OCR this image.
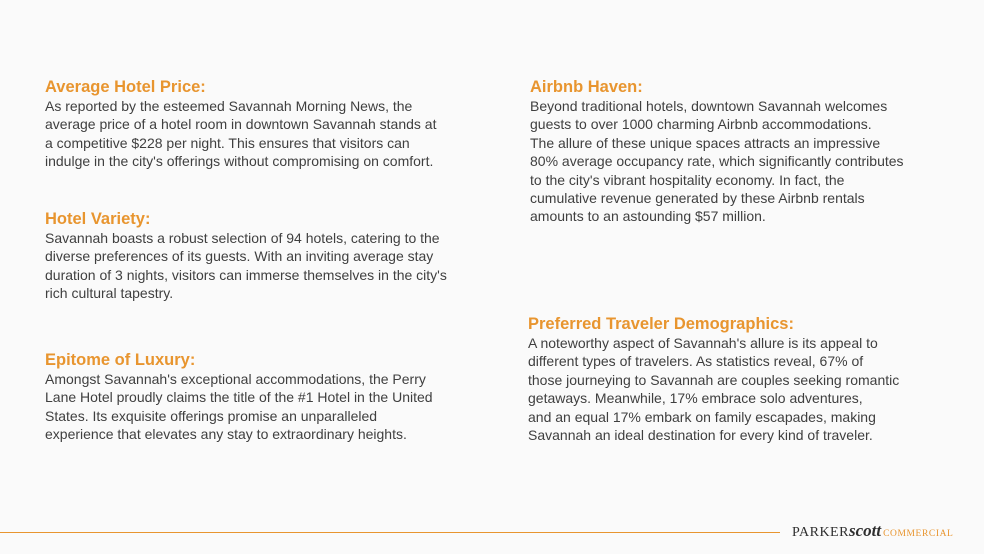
Average Hotel Price:

As reported by the esteemed Savannah Morning News, the
average price of a hotel room in downtown Savannah stands at
a competitive $228 per night. This ensures that visitors can
indulge in the city's offerings without compromising on comfort.

Hotel Variety:

Savannah boasts a robust selection of 94 hotels, catering to the
diverse preferences of its guests. With an inviting average stay
duration of 3 nights, visitors can immerse themselves in the city's
rich cultural tapestry.

Epitome of Luxury:

Amongst Savannah's exceptional accommodations, the Perry
Lane Hotel proudly claims the title of the #1 Hotel in the United
States. Its exquisite offerings promise an unparalleled
experience that elevates any stay to extraordinary heights.

Airbnb Haven:

Beyond traditional hotels, downtown Savannah welcomes
guests to over 1000 charming Airbnb accommodations.
The allure of these unique spaces attracts an impressive
80% average occupancy rate, which significantly contributes
to the city's vibrant hospitality economy. In fact, the
cumulative revenue generated by these Airbnb rentals
amounts to an astounding $57 million.

Preferred Traveler Demographics:

A noteworthy aspect of Savannah's allure is its appeal to
different types of travelers. As statistics reveal, 67% of
those journeying to Savannah are couples seeking romantic
getaways. Meanwhile, 17% embrace solo adventures,
and an equal 17% embark on family escapades, making
Savannah an ideal destination for every kind of traveler.

PARKERscott COMMERCIAL
